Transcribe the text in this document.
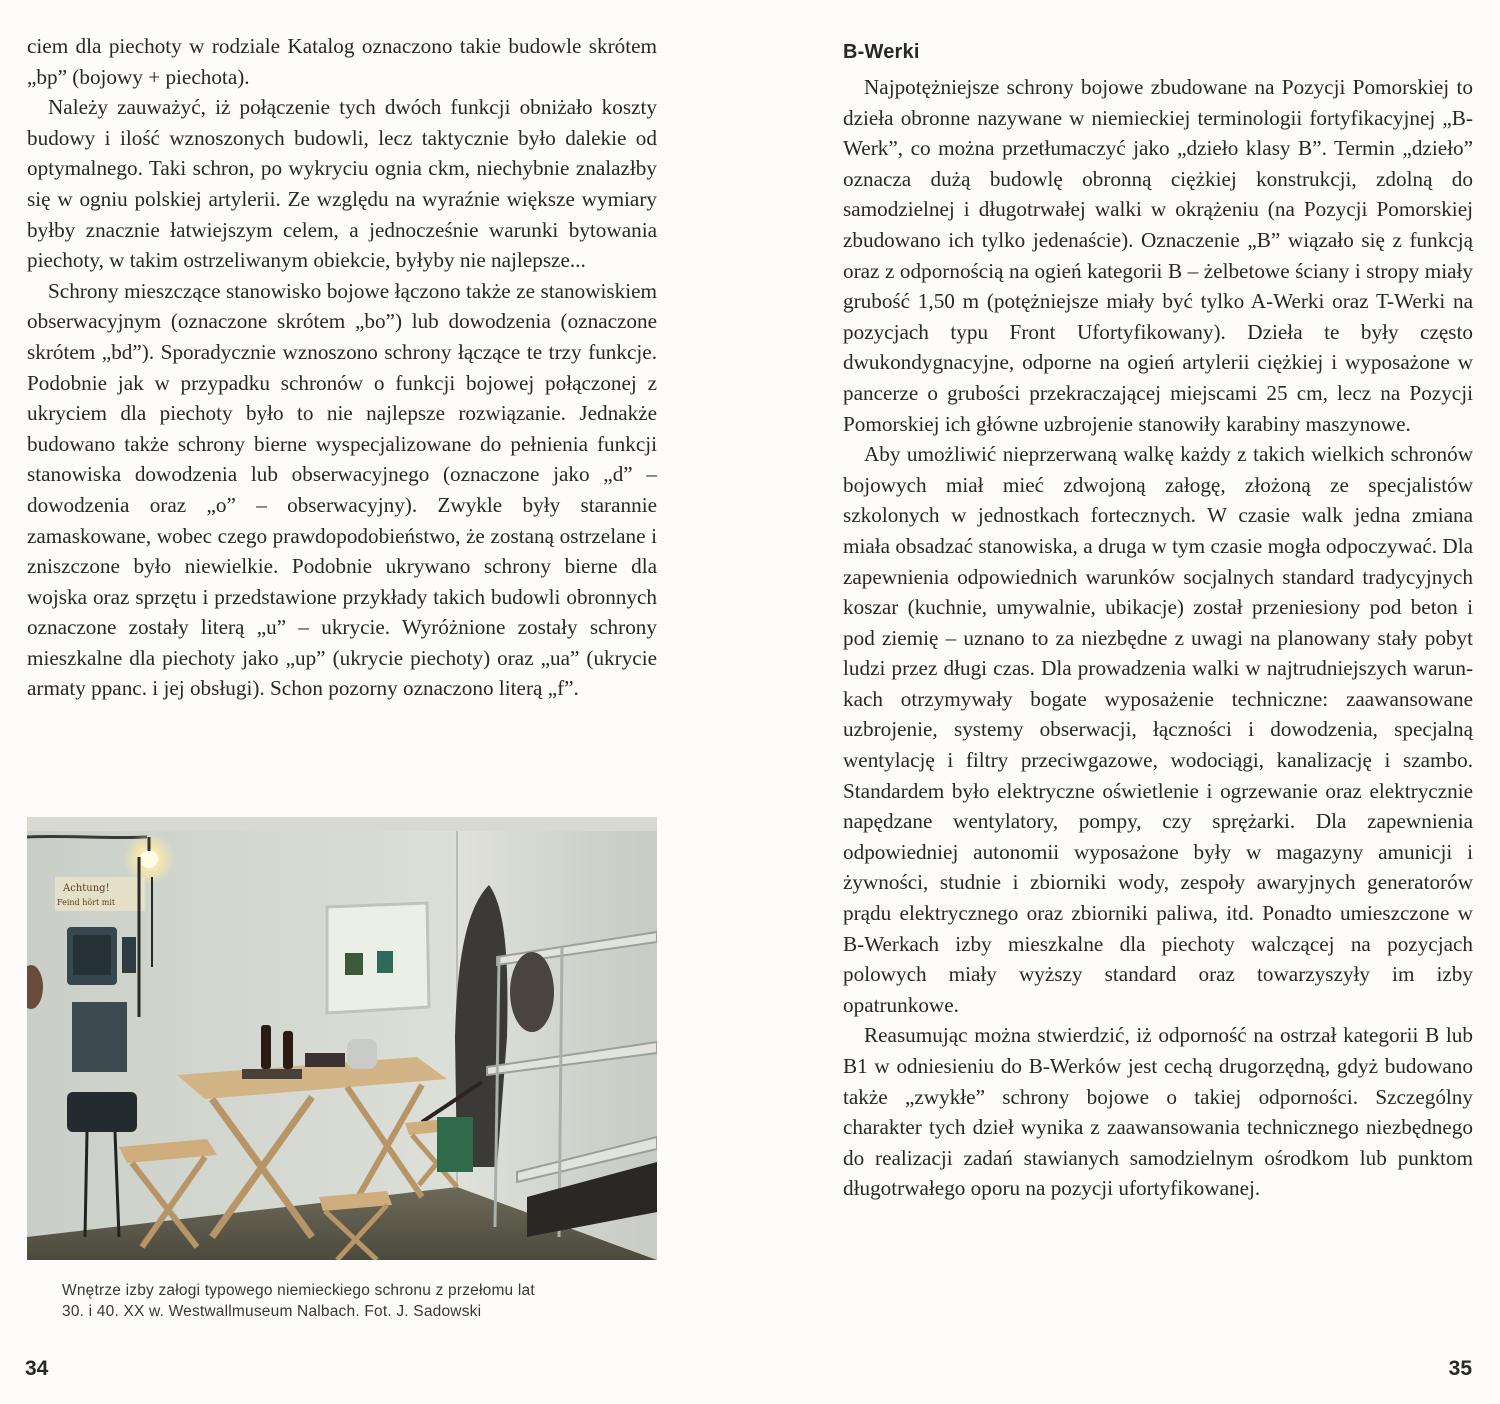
ciem dla piechoty w rodziale Katalog oznaczono takie budowle skrótem „bp” (bojowy + piechota).

Należy zauważyć, iż połączenie tych dwóch funkcji obniżało koszty budowy i ilość wznoszonych budowli, lecz taktycznie było dalekie od optymalnego. Taki schron, po wykryciu ognia ckm, niechybnie znalazłby się w ogniu polskiej artylerii. Ze względu na wyraźnie większe wymiary byłby znacznie łatwiejszym celem, a jednocześnie warunki bytowania piechoty, w takim ostrzeliwanym obiekcie, byłyby nie najlepsze...

Schrony mieszczące stanowisko bojowe łączono także ze stanowiskiem obserwacyjnym (oznaczone skrótem „bo”) lub dowodzenia (oznaczone skrótem „bd”). Sporadycznie wznoszono schrony łączące te trzy funkcje. Podobnie jak w przypadku schronów o funkcji bojowej połączonej z ukryciem dla piechoty było to nie najlepsze rozwiązanie. Jednakże budowano także schrony bierne wyspecjalizowane do pełnienia funkcji stanowiska dowodzenia lub obserwacyjnego (oznaczone jako „d” – dowodzenia oraz „o” – obserwacyjny). Zwykle były starannie zamaskowane, wobec czego prawdopodobieństwo, że zostaną ostrzelane i zniszczone było niewielkie. Podobnie ukrywano schrony bierne dla wojska oraz sprzętu i przedstawione przykłady takich budowli obronnych oznaczone zostały literą „u” – ukrycie. Wyróżnione zostały schrony mieszkalne dla piechoty jako „up” (ukrycie piechoty) oraz „ua” (ukrycie armaty ppanc. i jej obsługi). Schon pozorny oznaczono literą „f”.

Achtung!
Feind hört mit
Wnętrze izby załogi typowego niemieckiego schronu z przełomu lat
30. i 40. XX w. Westwallmuseum Nalbach. Fot. J. Sadowski
34
B-Werki

Najpotężniejsze schrony bojowe zbudowane na Pozycji Pomorskiej to dzieła obronne nazywane w niemieckiej terminologii fortyfikacyjnej „B-Werk”, co można przetłumaczyć jako „dzieło klasy B”. Termin „dzieło” oznacza dużą budowlę obronną ciężkiej konstrukcji, zdolną do samodzielnej i długotrwałej walki w okrążeniu (na Pozycji Pomorskiej zbudowano ich tylko jedenaście). Oznaczenie „B” wiązało się z funkcją oraz z odpornością na ogień kategorii B – żelbetowe ściany i stropy miały grubość 1,50 m (potężniejsze miały być tylko A-Werki oraz T-Werki na pozycjach typu Front Ufortyfikowany). Dzieła te były często dwukondygnacyjne, odporne na ogień artylerii ciężkiej i wyposażone w pancerze o grubości przekraczającej miejscami 25 cm, lecz na Pozycji Pomorskiej ich główne uzbrojenie stanowiły karabiny maszynowe.

Aby umożliwić nieprzerwaną walkę każdy z takich wielkich schronów bojowych miał mieć zdwojoną załogę, złożoną ze specjalistów szkolonych w jednostkach fortecznych. W czasie walk jedna zmiana miała obsadzać stanowiska, a druga w tym czasie mogła odpoczywać. Dla zapewnienia odpowiednich warunków socjalnych standard tradycyjnych koszar (kuchnie, umywalnie, ubikacje) został przeniesiony pod beton i pod ziemię – uznano to za niezbędne z uwagi na planowany stały pobyt ludzi przez długi czas. Dla prowadzenia walki w najtrudniejszych warunkach otrzymywały bogate wyposażenie techniczne: zaawansowane uzbrojenie, systemy obserwacji, łączności i dowodzenia, specjalną wentylację i filtry przeciwgazowe, wodociągi, kanalizację i szambo. Standardem było elektryczne oświetlenie i ogrzewanie oraz elektrycznie napędzane wentylatory, pompy, czy sprężarki. Dla zapewnienia odpowiedniej autonomii wyposażone były w magazyny amunicji i żywności, studnie i zbiorniki wody, zespoły awaryjnych generatorów prądu elektrycznego oraz zbiorniki paliwa, itd. Ponadto umieszczone w B-Werkach izby mieszkalne dla piechoty walczącej na pozycjach polowych miały wyższy standard oraz towarzyszyły im izby opatrunkowe.

Reasumując można stwierdzić, iż odporność na ostrzał kategorii B lub B1 w odniesieniu do B-Werków jest cechą drugorzędną, gdyż budowano także „zwykłe” schrony bojowe o takiej odporności. Szczególny charakter tych dzieł wynika z zaawansowania technicznego niezbędnego do realizacji zadań stawianych samodzielnym ośrodkom lub punktom długotrwałego oporu na pozycji ufortyfikowanej.

35
